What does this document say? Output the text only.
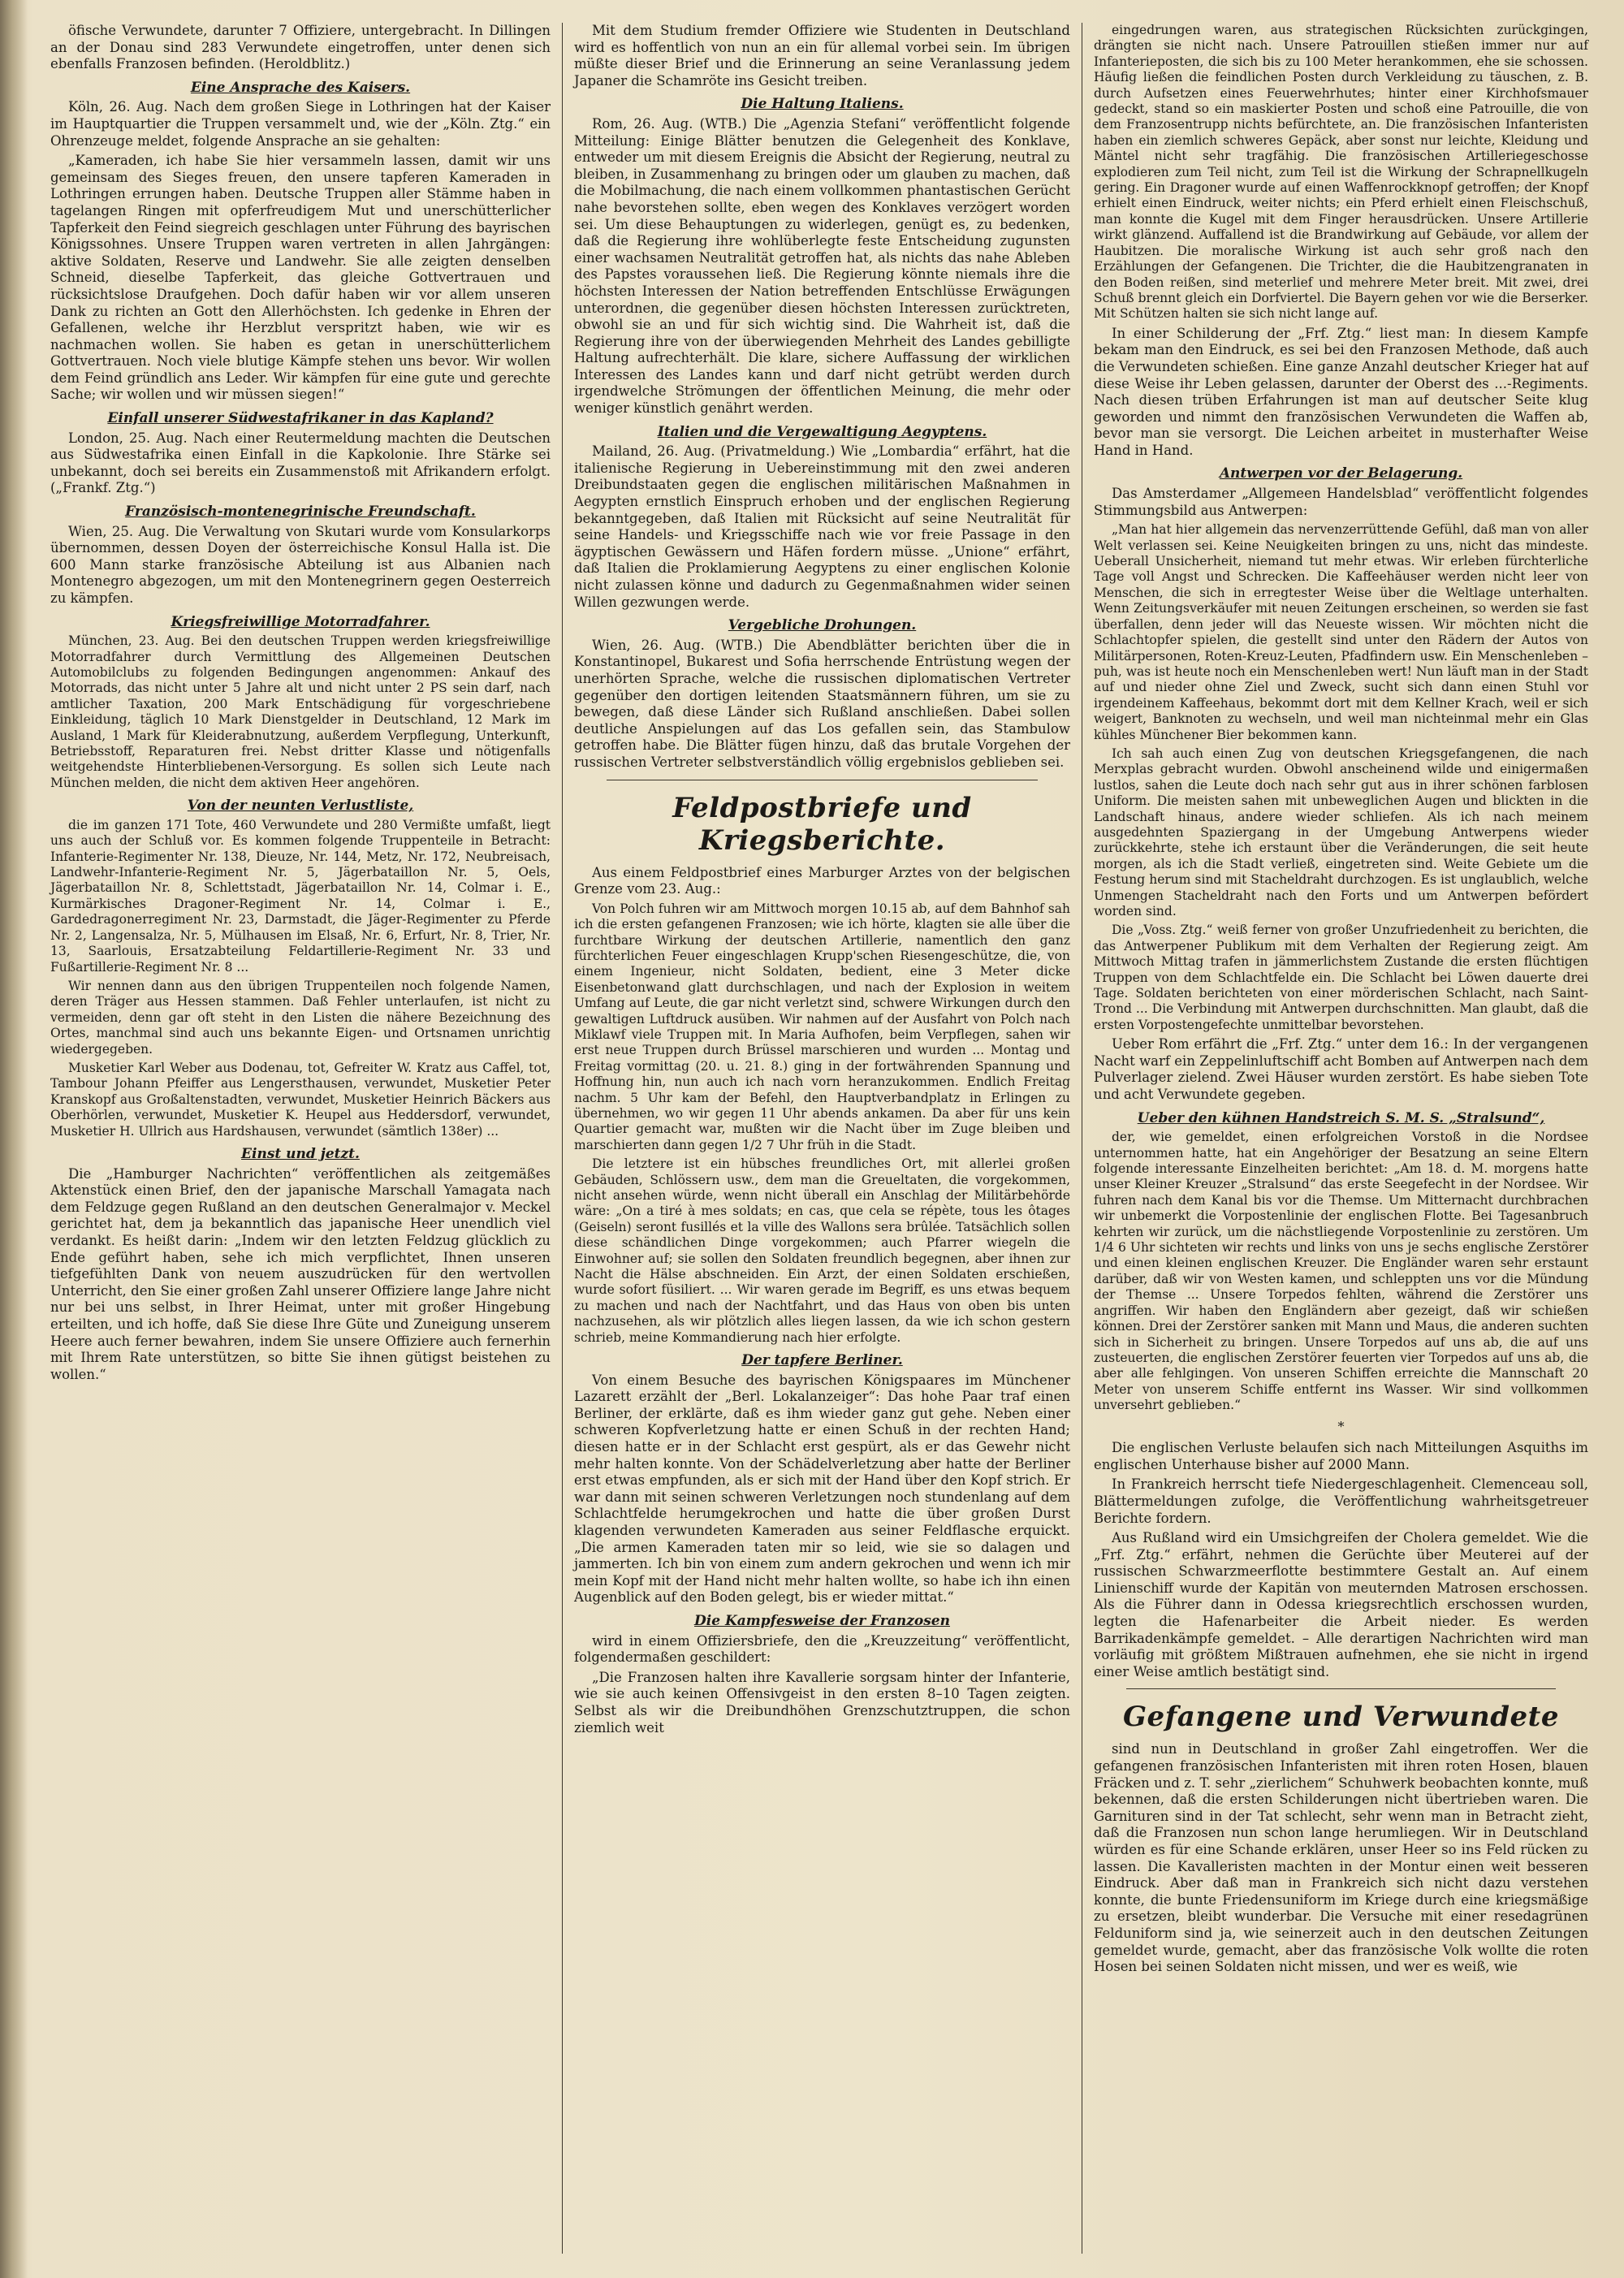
öfische Verwundete, darunter 7 Offiziere, untergebracht. In Dillingen an der Donau sind 283 Verwundete eingetroffen, unter denen sich ebenfalls Franzosen befinden. (Heroldblitz.)

Eine Ansprache des Kaisers.

Köln, 26. Aug. Nach dem großen Siege in Lothringen hat der Kaiser im Hauptquartier die Truppen versammelt und, wie der „Köln. Ztg.“ ein Ohrenzeuge meldet, folgende Ansprache an sie gehalten:

„Kameraden, ich habe Sie hier versammeln lassen, damit wir uns gemeinsam des Sieges freuen, den unsere tapferen Kameraden in Lothringen errungen haben. Deutsche Truppen aller Stämme haben in tagelangen Ringen mit opferfreudigem Mut und unerschütterlicher Tapferkeit den Feind siegreich geschlagen unter Führung des bayrischen Königssohnes. Unsere Truppen waren vertreten in allen Jahrgängen: aktive Soldaten, Reserve und Landwehr. Sie alle zeigten denselben Schneid, dieselbe Tapferkeit, das gleiche Gottvertrauen und rücksichtslose Draufgehen. Doch dafür haben wir vor allem unseren Dank zu richten an Gott den Allerhöchsten. Ich gedenke in Ehren der Gefallenen, welche ihr Herzblut verspritzt haben, wie wir es nachmachen wollen. Sie haben es getan in unerschütterlichem Gottvertrauen. Noch viele blutige Kämpfe stehen uns bevor. Wir wollen dem Feind gründlich ans Leder. Wir kämpfen für eine gute und gerechte Sache; wir wollen und wir müssen siegen!“

Einfall unserer Südwestafrikaner in das Kapland?

London, 25. Aug. Nach einer Reutermeldung machten die Deutschen aus Südwestafrika einen Einfall in die Kapkolonie. Ihre Stärke sei unbekannt, doch sei bereits ein Zusammenstoß mit Afrikandern erfolgt. („Frankf. Ztg.“)

Französisch-montenegrinische Freundschaft.

Wien, 25. Aug. Die Verwaltung von Skutari wurde vom Konsularkorps übernommen, dessen Doyen der österreichische Konsul Halla ist. Die 600 Mann starke französische Abteilung ist aus Albanien nach Montenegro abgezogen, um mit den Montenegrinern gegen Oesterreich zu kämpfen.

Kriegsfreiwillige Motorradfahrer.

München, 23. Aug. Bei den deutschen Truppen werden kriegsfreiwillige Motorradfahrer durch Vermittlung des Allgemeinen Deutschen Automobilclubs zu folgenden Bedingungen angenommen: Ankauf des Motorrads, das nicht unter 5 Jahre alt und nicht unter 2 PS sein darf, nach amtlicher Taxation, 200 Mark Entschädigung für vorgeschriebene Einkleidung, täglich 10 Mark Dienstgelder in Deutschland, 12 Mark im Ausland, 1 Mark für Kleiderabnutzung, außerdem Verpflegung, Unterkunft, Betriebsstoff, Reparaturen frei. Nebst dritter Klasse und nötigenfalls weitgehendste Hinterbliebenen-Versorgung. Es sollen sich Leute nach München melden, die nicht dem aktiven Heer angehören.

Von der neunten Verlustliste,

die im ganzen 171 Tote, 460 Verwundete und 280 Vermißte umfaßt, liegt uns auch der Schluß vor. Es kommen folgende Truppenteile in Betracht: Infanterie-Regimenter Nr. 138, Dieuze, Nr. 144, Metz, Nr. 172, Neubreisach, Landwehr-Infanterie-Regiment Nr. 5, Jägerbataillon Nr. 5, Oels, Jägerbataillon Nr. 8, Schlettstadt, Jägerbataillon Nr. 14, Colmar i. E., Kurmärkisches Dragoner-Regiment Nr. 14, Colmar i. E., Gardedragonerregiment Nr. 23, Darmstadt, die Jäger-Regimenter zu Pferde Nr. 2, Langensalza, Nr. 5, Mülhausen im Elsaß, Nr. 6, Erfurt, Nr. 8, Trier, Nr. 13, Saarlouis, Ersatzabteilung Feldartillerie-Regiment Nr. 33 und Fußartillerie-Regiment Nr. 8 ...

Wir nennen dann aus den übrigen Truppenteilen noch folgende Namen, deren Träger aus Hessen stammen. Daß Fehler unterlaufen, ist nicht zu vermeiden, denn gar oft steht in den Listen die nähere Bezeichnung des Ortes, manchmal sind auch uns bekannte Eigen- und Ortsnamen unrichtig wiedergegeben.

Musketier Karl Weber aus Dodenau, tot, Gefreiter W. Kratz aus Caffel, tot, Tambour Johann Pfeiffer aus Lengersthausen, verwundet, Musketier Peter Kranskopf aus Großaltenstadten, verwundet, Musketier Heinrich Bäckers aus Oberhörlen, verwundet, Musketier K. Heupel aus Heddersdorf, verwundet, Musketier H. Ullrich aus Hardshausen, verwundet (sämtlich 138er) ...

Einst und jetzt.

Die „Hamburger Nachrichten“ veröffentlichen als zeitgemäßes Aktenstück einen Brief, den der japanische Marschall Yamagata nach dem Feldzuge gegen Rußland an den deutschen Generalmajor v. Meckel gerichtet hat, dem ja bekanntlich das japanische Heer unendlich viel verdankt. Es heißt darin: „Indem wir den letzten Feldzug glücklich zu Ende geführt haben, sehe ich mich verpflichtet, Ihnen unseren tiefgefühlten Dank von neuem auszudrücken für den wertvollen Unterricht, den Sie einer großen Zahl unserer Offiziere lange Jahre nicht nur bei uns selbst, in Ihrer Heimat, unter mit großer Hingebung erteilten, und ich hoffe, daß Sie diese Ihre Güte und Zuneigung unserem Heere auch ferner bewahren, indem Sie unsere Offiziere auch fernerhin mit Ihrem Rate unterstützen, so bitte Sie ihnen gütigst beistehen zu wollen.“

Mit dem Studium fremder Offiziere wie Studenten in Deutschland wird es hoffentlich von nun an ein für allemal vorbei sein. Im übrigen müßte dieser Brief und die Erinnerung an seine Veranlassung jedem Japaner die Schamröte ins Gesicht treiben.

Die Haltung Italiens.

Rom, 26. Aug. (WTB.) Die „Agenzia Stefani“ veröffentlicht folgende Mitteilung: Einige Blätter benutzen die Gelegenheit des Konklave, entweder um mit diesem Ereignis die Absicht der Regierung, neutral zu bleiben, in Zusammenhang zu bringen oder um glauben zu machen, daß die Mobilmachung, die nach einem vollkommen phantastischen Gerücht nahe bevorstehen sollte, eben wegen des Konklaves verzögert worden sei. Um diese Behauptungen zu widerlegen, genügt es, zu bedenken, daß die Regierung ihre wohlüberlegte feste Entscheidung zugunsten einer wachsamen Neutralität getroffen hat, als nichts das nahe Ableben des Papstes voraussehen ließ. Die Regierung könnte niemals ihre die höchsten Interessen der Nation betreffenden Entschlüsse Erwägungen unterordnen, die gegenüber diesen höchsten Interessen zurücktreten, obwohl sie an und für sich wichtig sind. Die Wahrheit ist, daß die Regierung ihre von der überwiegenden Mehrheit des Landes gebilligte Haltung aufrechterhält. Die klare, sichere Auffassung der wirklichen Interessen des Landes kann und darf nicht getrübt werden durch irgendwelche Strömungen der öffentlichen Meinung, die mehr oder weniger künstlich genährt werden.

Italien und die Vergewaltigung Aegyptens.

Mailand, 26. Aug. (Privatmeldung.) Wie „Lombardia“ erfährt, hat die italienische Regierung in Uebereinstimmung mit den zwei anderen Dreibundstaaten gegen die englischen militärischen Maßnahmen in Aegypten ernstlich Einspruch erhoben und der englischen Regierung bekanntgegeben, daß Italien mit Rücksicht auf seine Neutralität für seine Handels- und Kriegsschiffe nach wie vor freie Passage in den ägyptischen Gewässern und Häfen fordern müsse. „Unione“ erfährt, daß Italien die Proklamierung Aegyptens zu einer englischen Kolonie nicht zulassen könne und dadurch zu Gegenmaßnahmen wider seinen Willen gezwungen werde.

Vergebliche Drohungen.

Wien, 26. Aug. (WTB.) Die Abendblätter berichten über die in Konstantinopel, Bukarest und Sofia herrschende Entrüstung wegen der unerhörten Sprache, welche die russischen diplomatischen Vertreter gegenüber den dortigen leitenden Staatsmännern führen, um sie zu bewegen, daß diese Länder sich Rußland anschließen. Dabei sollen deutliche Anspielungen auf das Los gefallen sein, das Stambulow getroffen habe. Die Blätter fügen hinzu, daß das brutale Vorgehen der russischen Vertreter selbstverständlich völlig ergebnislos geblieben sei.

Feldpostbriefe und Kriegsberichte.

Aus einem Feldpostbrief eines Marburger Arztes von der belgischen Grenze vom 23. Aug.:

Von Polch fuhren wir am Mittwoch morgen 10.15 ab, auf dem Bahnhof sah ich die ersten gefangenen Franzosen; wie ich hörte, klagten sie alle über die furchtbare Wirkung der deutschen Artillerie, namentlich den ganz fürchterlichen Feuer eingeschlagen Krupp'schen Riesengeschütze, die, von einem Ingenieur, nicht Soldaten, bedient, eine 3 Meter dicke Eisenbetonwand glatt durchschlagen, und nach der Explosion in weitem Umfang auf Leute, die gar nicht verletzt sind, schwere Wirkungen durch den gewaltigen Luftdruck ausüben. Wir nahmen auf der Ausfahrt von Polch nach Miklawf viele Truppen mit. In Maria Aufhofen, beim Verpflegen, sahen wir erst neue Truppen durch Brüssel marschieren und wurden ... Montag und Freitag vormittag (20. u. 21. 8.) ging in der fortwährenden Spannung und Hoffnung hin, nun auch ich nach vorn heranzukommen. Endlich Freitag nachm. 5 Uhr kam der Befehl, den Hauptverbandplatz in Erlingen zu übernehmen, wo wir gegen 11 Uhr abends ankamen. Da aber für uns kein Quartier gemacht war, mußten wir die Nacht über im Zuge bleiben und marschierten dann gegen 1/2 7 Uhr früh in die Stadt.

Die letztere ist ein hübsches freundliches Ort, mit allerlei großen Gebäuden, Schlössern usw., dem man die Greueltaten, die vorgekommen, nicht ansehen würde, wenn nicht überall ein Anschlag der Militärbehörde wäre: „On a tiré à mes soldats; en cas, que cela se répète, tous les ôtages (Geiseln) seront fusillés et la ville des Wallons sera brûlée. Tatsächlich sollen diese schändlichen Dinge vorgekommen; auch Pfarrer wiegeln die Einwohner auf; sie sollen den Soldaten freundlich begegnen, aber ihnen zur Nacht die Hälse abschneiden. Ein Arzt, der einen Soldaten erschießen, wurde sofort füsiliert. ... Wir waren gerade im Begriff, es uns etwas bequem zu machen und nach der Nachtfahrt, und das Haus von oben bis unten nachzusehen, als wir plötzlich alles liegen lassen, da wie ich schon gestern schrieb, meine Kommandierung nach hier erfolgte.

Der tapfere Berliner.

Von einem Besuche des bayrischen Königspaares im Münchener Lazarett erzählt der „Berl. Lokalanzeiger“: Das hohe Paar traf einen Berliner, der erklärte, daß es ihm wieder ganz gut gehe. Neben einer schweren Kopfverletzung hatte er einen Schuß in der rechten Hand; diesen hatte er in der Schlacht erst gespürt, als er das Gewehr nicht mehr halten konnte. Von der Schädelverletzung aber hatte der Berliner erst etwas empfunden, als er sich mit der Hand über den Kopf strich. Er war dann mit seinen schweren Verletzungen noch stundenlang auf dem Schlachtfelde herumgekrochen und hatte die über großen Durst klagenden verwundeten Kameraden aus seiner Feldflasche erquickt. „Die armen Kameraden taten mir so leid, wie sie so dalagen und jammerten. Ich bin von einem zum andern gekrochen und wenn ich mir mein Kopf mit der Hand nicht mehr halten wollte, so habe ich ihn einen Augenblick auf den Boden gelegt, bis er wieder mittat.“

Die Kampfesweise der Franzosen

wird in einem Offiziersbriefe, den die „Kreuzzeitung“ veröffentlicht, folgendermaßen geschildert:

„Die Franzosen halten ihre Kavallerie sorgsam hinter der Infanterie, wie sie auch keinen Offensivgeist in den ersten 8–10 Tagen zeigten. Selbst als wir die Dreibundhöhen Grenzschutztruppen, die schon ziemlich weit

eingedrungen waren, aus strategischen Rücksichten zurückgingen, drängten sie nicht nach. Unsere Patrouillen stießen immer nur auf Infanterieposten, die sich bis zu 100 Meter herankommen, ehe sie schossen. Häufig ließen die feindlichen Posten durch Verkleidung zu täuschen, z. B. durch Aufsetzen eines Feuerwehrhutes; hinter einer Kirchhofsmauer gedeckt, stand so ein maskierter Posten und schoß eine Patrouille, die von dem Franzosentrupp nichts befürchtete, an. Die französischen Infanteristen haben ein ziemlich schweres Gepäck, aber sonst nur leichte, Kleidung und Mäntel nicht sehr tragfähig. Die französischen Artilleriegeschosse explodieren zum Teil nicht, zum Teil ist die Wirkung der Schrapnellkugeln gering. Ein Dragoner wurde auf einen Waffenrockknopf getroffen; der Knopf erhielt einen Eindruck, weiter nichts; ein Pferd erhielt einen Fleischschuß, man konnte die Kugel mit dem Finger herausdrücken. Unsere Artillerie wirkt glänzend. Auffallend ist die Brandwirkung auf Gebäude, vor allem der Haubitzen. Die moralische Wirkung ist auch sehr groß nach den Erzählungen der Gefangenen. Die Trichter, die die Haubitzengranaten in den Boden reißen, sind meterlief und mehrere Meter breit. Mit zwei, drei Schuß brennt gleich ein Dorfviertel. Die Bayern gehen vor wie die Berserker. Mit Schützen halten sie sich nicht lange auf.

In einer Schilderung der „Frf. Ztg.“ liest man: In diesem Kampfe bekam man den Eindruck, es sei bei den Franzosen Methode, daß auch die Verwundeten schießen. Eine ganze Anzahl deutscher Krieger hat auf diese Weise ihr Leben gelassen, darunter der Oberst des ...-Regiments. Nach diesen trüben Erfahrungen ist man auf deutscher Seite klug geworden und nimmt den französischen Verwundeten die Waffen ab, bevor man sie versorgt. Die Leichen arbeitet in musterhafter Weise Hand in Hand.

Antwerpen vor der Belagerung.

Das Amsterdamer „Allgemeen Handelsblad“ veröffentlicht folgendes Stimmungsbild aus Antwerpen:

„Man hat hier allgemein das nervenzerrüttende Gefühl, daß man von aller Welt verlassen sei. Keine Neuigkeiten bringen zu uns, nicht das mindeste. Ueberall Unsicherheit, niemand tut mehr etwas. Wir erleben fürchterliche Tage voll Angst und Schrecken. Die Kaffeehäuser werden nicht leer von Menschen, die sich in erregtester Weise über die Weltlage unterhalten. Wenn Zeitungsverkäufer mit neuen Zeitungen erscheinen, so werden sie fast überfallen, denn jeder will das Neueste wissen. Wir möchten nicht die Schlachtopfer spielen, die gestellt sind unter den Rädern der Autos von Militärpersonen, Roten-Kreuz-Leuten, Pfadfindern usw. Ein Menschenleben – puh, was ist heute noch ein Menschenleben wert! Nun läuft man in der Stadt auf und nieder ohne Ziel und Zweck, sucht sich dann einen Stuhl vor irgendeinem Kaffeehaus, bekommt dort mit dem Kellner Krach, weil er sich weigert, Banknoten zu wechseln, und weil man nichteinmal mehr ein Glas kühles Münchener Bier bekommen kann.

Ich sah auch einen Zug von deutschen Kriegsgefangenen, die nach Merxplas gebracht wurden. Obwohl anscheinend wilde und einigermaßen lustlos, sahen die Leute doch nach sehr gut aus in ihrer schönen farblosen Uniform. Die meisten sahen mit unbeweglichen Augen und blickten in die Landschaft hinaus, andere wieder schliefen. Als ich nach meinem ausgedehnten Spaziergang in der Umgebung Antwerpens wieder zurückkehrte, stehe ich erstaunt über die Veränderungen, die seit heute morgen, als ich die Stadt verließ, eingetreten sind. Weite Gebiete um die Festung herum sind mit Stacheldraht durchzogen. Es ist unglaublich, welche Unmengen Stacheldraht nach den Forts und um Antwerpen befördert worden sind.

Die „Voss. Ztg.“ weiß ferner von großer Unzufriedenheit zu berichten, die das Antwerpener Publikum mit dem Verhalten der Regierung zeigt. Am Mittwoch Mittag trafen in jämmerlichstem Zustande die ersten flüchtigen Truppen von dem Schlachtfelde ein. Die Schlacht bei Löwen dauerte drei Tage. Soldaten berichteten von einer mörderischen Schlacht, nach Saint-Trond ... Die Verbindung mit Antwerpen durchschnitten. Man glaubt, daß die ersten Vorpostengefechte unmittelbar bevorstehen.

Ueber Rom erfährt die „Frf. Ztg.“ unter dem 16.: In der vergangenen Nacht warf ein Zeppelinluftschiff acht Bomben auf Antwerpen nach dem Pulverlager zielend. Zwei Häuser wurden zerstört. Es habe sieben Tote und acht Verwundete gegeben.

Ueber den kühnen Handstreich S. M. S. „Stralsund“,

der, wie gemeldet, einen erfolgreichen Vorstoß in die Nordsee unternommen hatte, hat ein Angehöriger der Besatzung an seine Eltern folgende interessante Einzelheiten berichtet: „Am 18. d. M. morgens hatte unser Kleiner Kreuzer „Stralsund“ das erste Seegefecht in der Nordsee. Wir fuhren nach dem Kanal bis vor die Themse. Um Mitternacht durchbrachen wir unbemerkt die Vorpostenlinie der englischen Flotte. Bei Tagesanbruch kehrten wir zurück, um die nächstliegende Vorpostenlinie zu zerstören. Um 1/4 6 Uhr sichteten wir rechts und links von uns je sechs englische Zerstörer und einen kleinen englischen Kreuzer. Die Engländer waren sehr erstaunt darüber, daß wir von Westen kamen, und schleppten uns vor die Mündung der Themse ... Unsere Torpedos fehlten, während die Zerstörer uns angriffen. Wir haben den Engländern aber gezeigt, daß wir schießen können. Drei der Zerstörer sanken mit Mann und Maus, die anderen suchten sich in Sicherheit zu bringen. Unsere Torpedos auf uns ab, die auf uns zusteuerten, die englischen Zerstörer feuerten vier Torpedos auf uns ab, die aber alle fehlgingen. Von unseren Schiffen erreichte die Mannschaft 20 Meter von unserem Schiffe entfernt ins Wasser. Wir sind vollkommen unversehrt geblieben.“

*

Die englischen Verluste belaufen sich nach Mitteilungen Asquiths im englischen Unterhause bisher auf 2000 Mann.

In Frankreich herrscht tiefe Niedergeschlagenheit. Clemenceau soll, Blättermeldungen zufolge, die Veröffentlichung wahrheitsgetreuer Berichte fordern.

Aus Rußland wird ein Umsichgreifen der Cholera gemeldet. Wie die „Frf. Ztg.“ erfährt, nehmen die Gerüchte über Meuterei auf der russischen Schwarzmeerflotte bestimmtere Gestalt an. Auf einem Linienschiff wurde der Kapitän von meuternden Matrosen erschossen. Als die Führer dann in Odessa kriegsrechtlich erschossen wurden, legten die Hafenarbeiter die Arbeit nieder. Es werden Barrikadenkämpfe gemeldet. – Alle derartigen Nachrichten wird man vorläufig mit größtem Mißtrauen aufnehmen, ehe sie nicht in irgend einer Weise amtlich bestätigt sind.

Gefangene und Verwundete

sind nun in Deutschland in großer Zahl eingetroffen. Wer die gefangenen französischen Infanteristen mit ihren roten Hosen, blauen Fräcken und z. T. sehr „zierlichem“ Schuhwerk beobachten konnte, muß bekennen, daß die ersten Schilderungen nicht übertrieben waren. Die Garnituren sind in der Tat schlecht, sehr wenn man in Betracht zieht, daß die Franzosen nun schon lange herumliegen. Wir in Deutschland würden es für eine Schande erklären, unser Heer so ins Feld rücken zu lassen. Die Kavalleristen machten in der Montur einen weit besseren Eindruck. Aber daß man in Frankreich sich nicht dazu verstehen konnte, die bunte Friedensuniform im Kriege durch eine kriegsmäßige zu ersetzen, bleibt wunderbar. Die Versuche mit einer resedagrünen Felduniform sind ja, wie seinerzeit auch in den deutschen Zeitungen gemeldet wurde, gemacht, aber das französische Volk wollte die roten Hosen bei seinen Soldaten nicht missen, und wer es weiß, wie
